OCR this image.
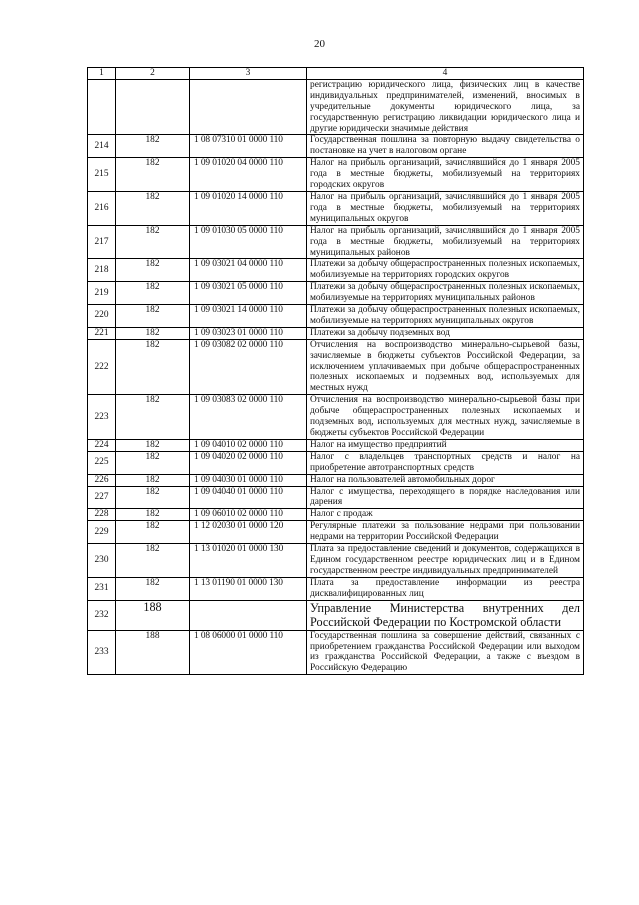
20
1	2	3	4
			регистрацию юридического лица, физических лиц в качестве индивидуальных предпринимателей, изменений, вносимых в учредительные документы юридического лица, за государственную регистрацию ликвидации юридического лица и другие юридически значимые действия
214	182	1 08 07310 01 0000 110	Государственная пошлина за повторную выдачу свидетельства о постановке на учет в налоговом органе
215	182	1 09 01020 04 0000 110	Налог на прибыль организаций, зачислявшийся до 1 января 2005 года в местные бюджеты, мобилизуемый на территориях городских округов
216	182	1 09 01020 14 0000 110	Налог на прибыль организаций, зачислявшийся до 1 января 2005 года в местные бюджеты, мобилизуемый на территориях муниципальных округов
217	182	1 09 01030 05 0000 110	Налог на прибыль организаций, зачислявшийся до 1 января 2005 года в местные бюджеты, мобилизуемый на территориях муниципальных районов
218	182	1 09 03021 04 0000 110	Платежи за добычу общераспространенных полезных ископаемых, мобилизуемые на территориях городских округов
219	182	1 09 03021 05 0000 110	Платежи за добычу общераспространенных полезных ископаемых, мобилизуемые на территориях муниципальных районов
220	182	1 09 03021 14 0000 110	Платежи за добычу общераспространенных полезных ископаемых, мобилизуемые на территориях муниципальных округов
221	182	1 09 03023 01 0000 110	Платежи за добычу подземных вод
222	182	1 09 03082 02 0000 110	Отчисления на воспроизводство минерально-сырьевой базы, зачисляемые в бюджеты субъектов Российской Федерации, за исключением уплачиваемых при добыче общераспространенных полезных ископаемых и подземных вод, используемых для местных нужд
223	182	1 09 03083 02 0000 110	Отчисления на воспроизводство минерально-сырьевой базы при добыче общераспространенных полезных ископаемых и подземных вод, используемых для местных нужд, зачисляемые в бюджеты субъектов Российской Федерации
224	182	1 09 04010 02 0000 110	Налог на имущество предприятий
225	182	1 09 04020 02 0000 110	Налог с владельцев транспортных средств и налог на приобретение автотранспортных средств
226	182	1 09 04030 01 0000 110	Налог на пользователей автомобильных дорог
227	182	1 09 04040 01 0000 110	Налог с имущества, переходящего в порядке наследования или дарения
228	182	1 09 06010 02 0000 110	Налог с продаж
229	182	1 12 02030 01 0000 120	Регулярные платежи за пользование недрами при пользовании недрами на территории Российской Федерации
230	182	1 13 01020 01 0000 130	Плата за предоставление сведений и документов, содержащихся в Едином государственном реестре юридических лиц и в Едином государственном реестре индивидуальных предпринимателей
231	182	1 13 01190 01 0000 130	Плата за предоставление информации из реестра дисквалифицированных лиц
232	188		Управление Министерства внутренних дел Российской Федерации по Костромской области
233	188	1 08 06000 01 0000 110	Государственная пошлина за совершение действий, связанных с приобретением гражданства Российской Федерации или выходом из гражданства Российской Федерации, а также с въездом в Российскую Федерацию
